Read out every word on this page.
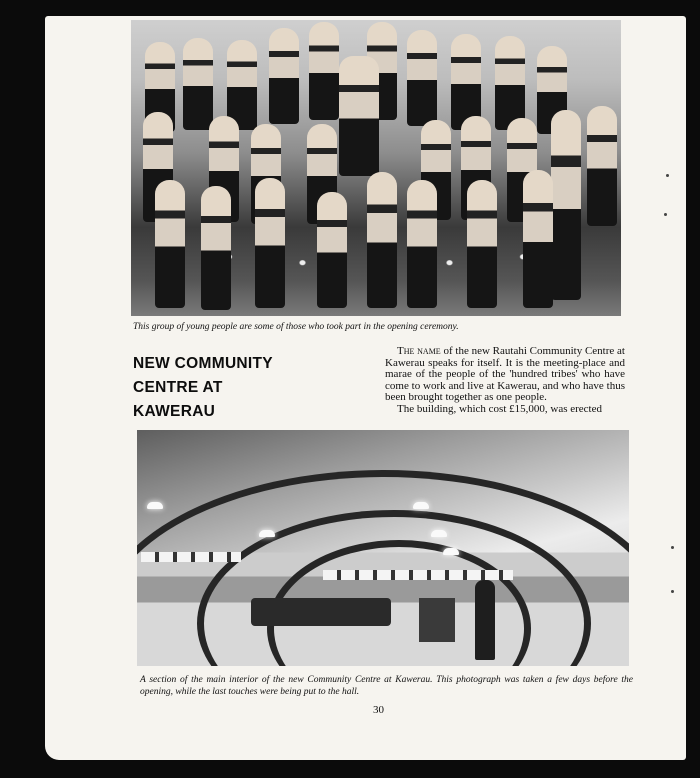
This group of young people are some of those who took part in the opening ceremony.
NEW COMMUNITY
CENTRE AT
KAWERAU

The name of the new Rautahi Community Centre at Kawerau speaks for itself. It is the meeting-place and marae of the people of the 'hundred tribes' who have come to work and live at Kawerau, and who have thus been brought together as one people.

The building, which cost £15,000, was erected

A section of the main interior of the new Community Centre at Kawerau. This photograph was taken a few days before the opening, while the last touches were being put to the hall.
30
